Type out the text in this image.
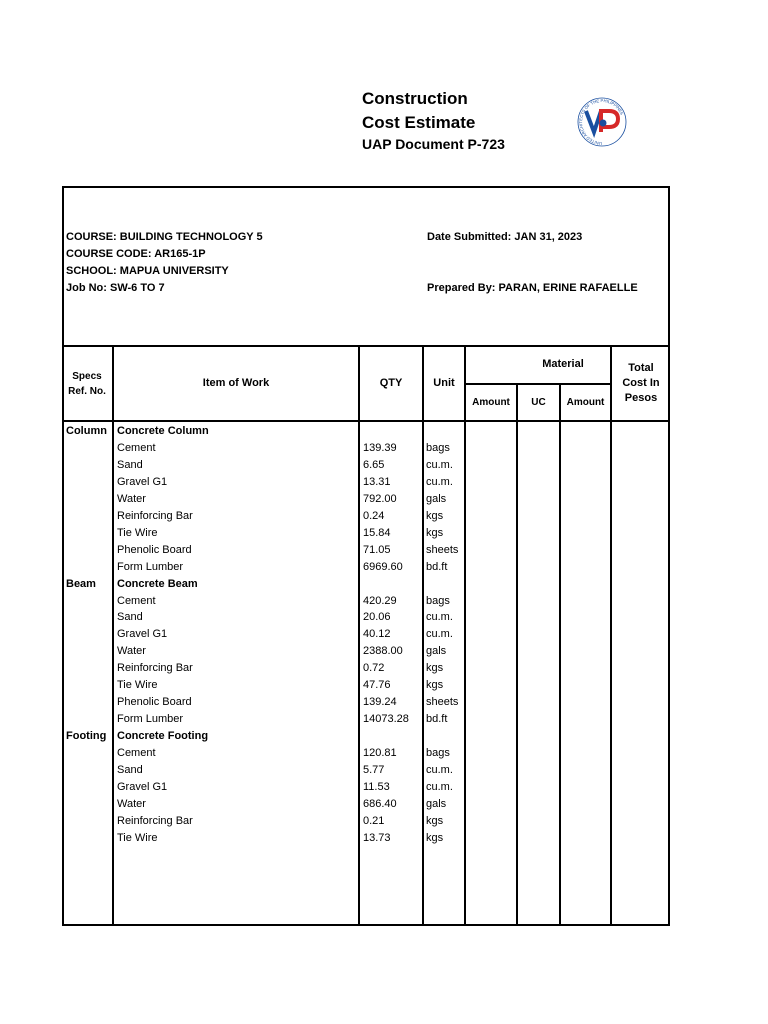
Construction
Cost Estimate
UAP Document P-723	UNITED ARCHITECTS OF THE PHILIPPINES
COURSE: BUILDING TECHNOLOGY 5
COURSE CODE: AR165-1P
SCHOOL: MAPUA UNIVERSITY
Job No: SW-6 TO 7
Date Submitted: JAN 31, 2023
Prepared By: PARAN, ERINE RAFAELLE
Specs
Ref. No.
Item of Work	QTY	Unit
Material
Amount	UC	Amount
Total
Cost In
Pesos
Column Concrete Column
Cement	139.39	bags
Sand	6.65	cu.m.
Gravel G1	13.31	cu.m.
Water	792.00	gals
Reinforcing Bar	0.24	kgs
Tie Wire	15.84	kgs
Phenolic Board	71.05	sheets
Form Lumber	6969.60 bd.ft
Beam Concrete Beam
Cement	420.29	bags
Sand	20.06	cu.m.
Gravel G1	40.12	cu.m.
Water	2388.00 gals
Reinforcing Bar	0.72	kgs
Tie Wire	47.76	kgs
Phenolic Board	139.24	sheets
Form Lumber	14073.28 bd.ft
Footing Concrete Footing
Cement	120.81	bags
Sand	5.77	cu.m.
Gravel G1	11.53	cu.m.
Water	686.40	gals
Reinforcing Bar	0.21	kgs
Tie Wire	13.73	kgs
